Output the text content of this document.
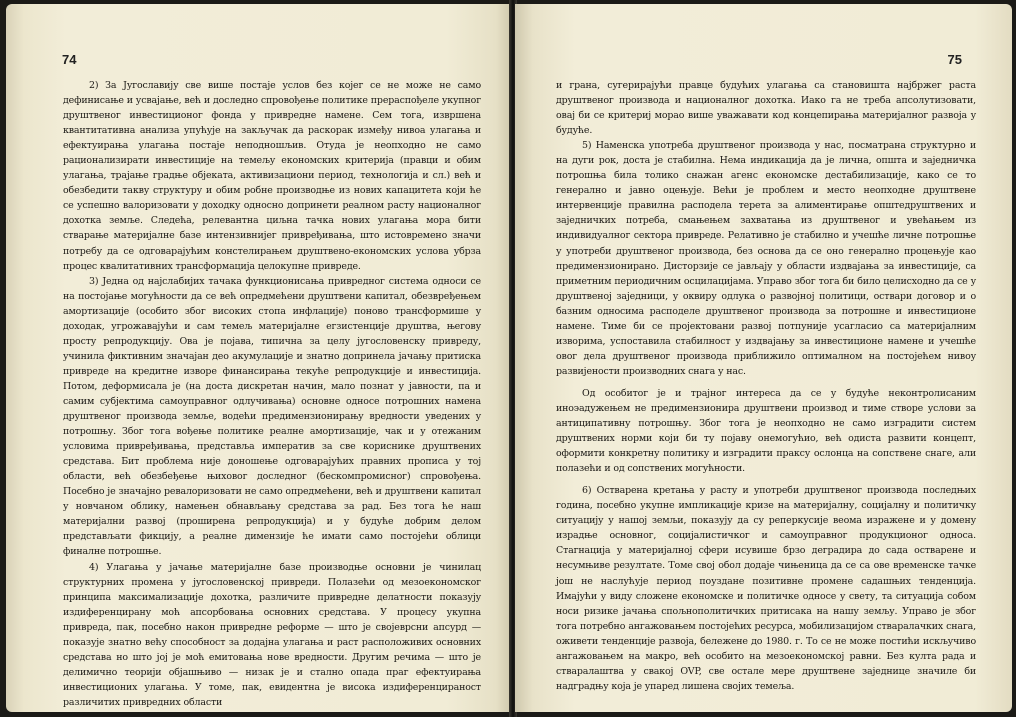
74

2) За Југославију све више постаје услов без којег се не може не само дефинисање и усвајање, већ и доследно спровођење политике прераспођеле укупног друштвеног инвестиционог фонда у привредне намене. Сем тога, извршена квантитативна анализа упућује на закључак да раскорак између нивоа улагања и ефектуирања улагања постаје неподношљив. Отуда је неопходно не само рационализирати инвестиције на темељу економских критерија (правци и обим улагања, трајање градње објеката, активизациони период, технологија и сл.) већ и обезбедити такву структуру и обим робне производње из нових капацитета који ће се успешно валоризовати у доходку односно допринети реалном расту националног дохотка земље. Следећа, релевантна циљна тачка нових улагања мора бити стварање материјалне базе интензивнијег привређивања, што истовремено значи потребу да се одговарајућим констелирањем друштвено-економских услова убрза процес квалитативних трансформација целокупне привреде.

3) Једна од најслабијих тачака функционисања привредног система односи се на постојање могућности да се већ опредмећени друштвени капитал, обезвређењем амортизације (особито због високих стопа инфлације) поново трансформише у доходак, угрожавајући и сам темељ материјалне егзистенције друштва, његову просту репродукцију. Ова је појава, типична за целу југословенску привреду, учинила фиктивним значајан део акумулације и знатно допринела јачању притиска привреде на кредитне изворе финансирања текуће репродукције и инвестиција. Потом, деформисала је (на доста дискретан начин, мало познат у јавности, па и самим субјектима самоуправног одлучивања) основне односе потрошних намена друштвеног производа земље, водећи предимензионирању вредности уведених у потрошњу. Због тога вођење политике реалне амортизације, чак и у отежаним условима привређивања, представља императив за све кориснике друштвених средстава. Бит проблема није доношење одговарајућих правних прописа у тој области, већ обезбеђење њиховог доследног (бескомпромисног) спровођења. Посебно је значајно ревалоризовати не само опредмећени, већ и друштвени капитал у новчаном облику, намењен обнављању средстава за рад. Без тога ће наш материјални развој (проширена репродукција) и у будуће добрим делом представљати фикцију, а реалне димензије ће имати само постојећи облици финалне потрошње.

4) Улагања у јачање материјалне базе производње основни је чинилац структурних промена у југословенској привреди. Полазећи од мезоекономског принципа максимализације дохотка, различите привредне делатности показују издиференцирану моћ апсорбовања основних средстава. У процесу укупна привреда, пак, посебно након привредне реформе — што је својеврсни апсурд — показује знатно већу способност за додајна улагања и раст расположивих основних средстава но што јој је моћ емитовања нове вредности. Другим речима — што је делимично теорији објашњиво — низак је и стално опада праг ефектуирања инвестиционих улагања. У томе, пак, евидентна је висока издиференцираност различитих привредних области

75

и грана, сугерирајући правце будућих улагања са становишта најбржег раста друштвеног производа и националног дохотка. Иако га не треба апсолутизовати, овај би се критериј морао више уважавати код концепирања материјалног развоја у будуће.

5) Наменска употреба друштвеног производа у нас, посматрана структурно и на дуги рок, доста је стабилна. Нема индикација да је лична, општа и заједничка потрошња била толико снажан агенс економске дестабилизације, како се то генерално и јавно оцењује. Већи је проблем и место неопходне друштвене интервенције правилна расподела терета за алиментирање општедруштвених и заједничких потреба, смањењем захватања из друштвеног и увећањем из индивидуалног сектора привреде. Релативно је стабилно и учешће личне потрошње у употреби друштвеног производа, без основа да се оно генерално процењује као предимензионирано. Дисторзије се јављају у области издвајања за инвестиције, са приметним периодичним осцилацијама. Управо због тога би било целисходно да се у друштвеној заједници, у оквиру одлука о развојној политици, оствари договор и о базним односима расподеле друштвеног производа за потрошне и инвестиционе намене. Тиме би се пројектовани развој потпуније усагласио са материјалним изворима, успоставила стабилност у издвајању за инвестиционе намене и учешће овог дела друштвеног производа приближило оптималном на постојећем нивоу развијености производних снага у нас.

Од особитог је и трајног интереса да се у будуће неконтролисаним иноэадужењем не предимензионира друштвени производ и тиме створе услови за антиципативну потрошњу. Због тога је неопходно не само изградити систем друштвених норми који би ту појаву онемогућио, већ одиста развити концепт, оформити конкретну политику и изградити праксу ослонца на сопствене снаге, али полазећи и од сопствених могућности.

6) Остварена кретања у расту и употреби друштвеног производа последњих година, посебно укупне импликације кризе на материјалну, социјалну и политичку ситуацију у нашој земљи, показују да су реперкусије веома изражене и у домену израдње основног, социјалистичког и самоуправног продукционог односа. Стагнација у материјалној сфери исувише брзо деградира до сада остварене и несумњиве резултате. Томе свој обол додаје чињеница да се са ове временске тачке још не наслућује период поуздане позитивне промене садашњих тенденција. Имајући у виду сложене економске и политичке односе у свету, та ситуација собом носи ризике јачања спољнополитичких притисака на нашу земљу. Управо је због тога потребно ангажовањем постојећих ресурса, мобилизацијом стваралачких снага, оживети тенденције развоја, бележене до 1980. г. То се не може постићи искључиво ангажовањем на макро, већ особито на мезоекономској равни. Без култа рада и стваралаштва у свакој OVP, све остале мере друштвене заједнице значиле би надградњу која је упаред лишена својих темеља.
